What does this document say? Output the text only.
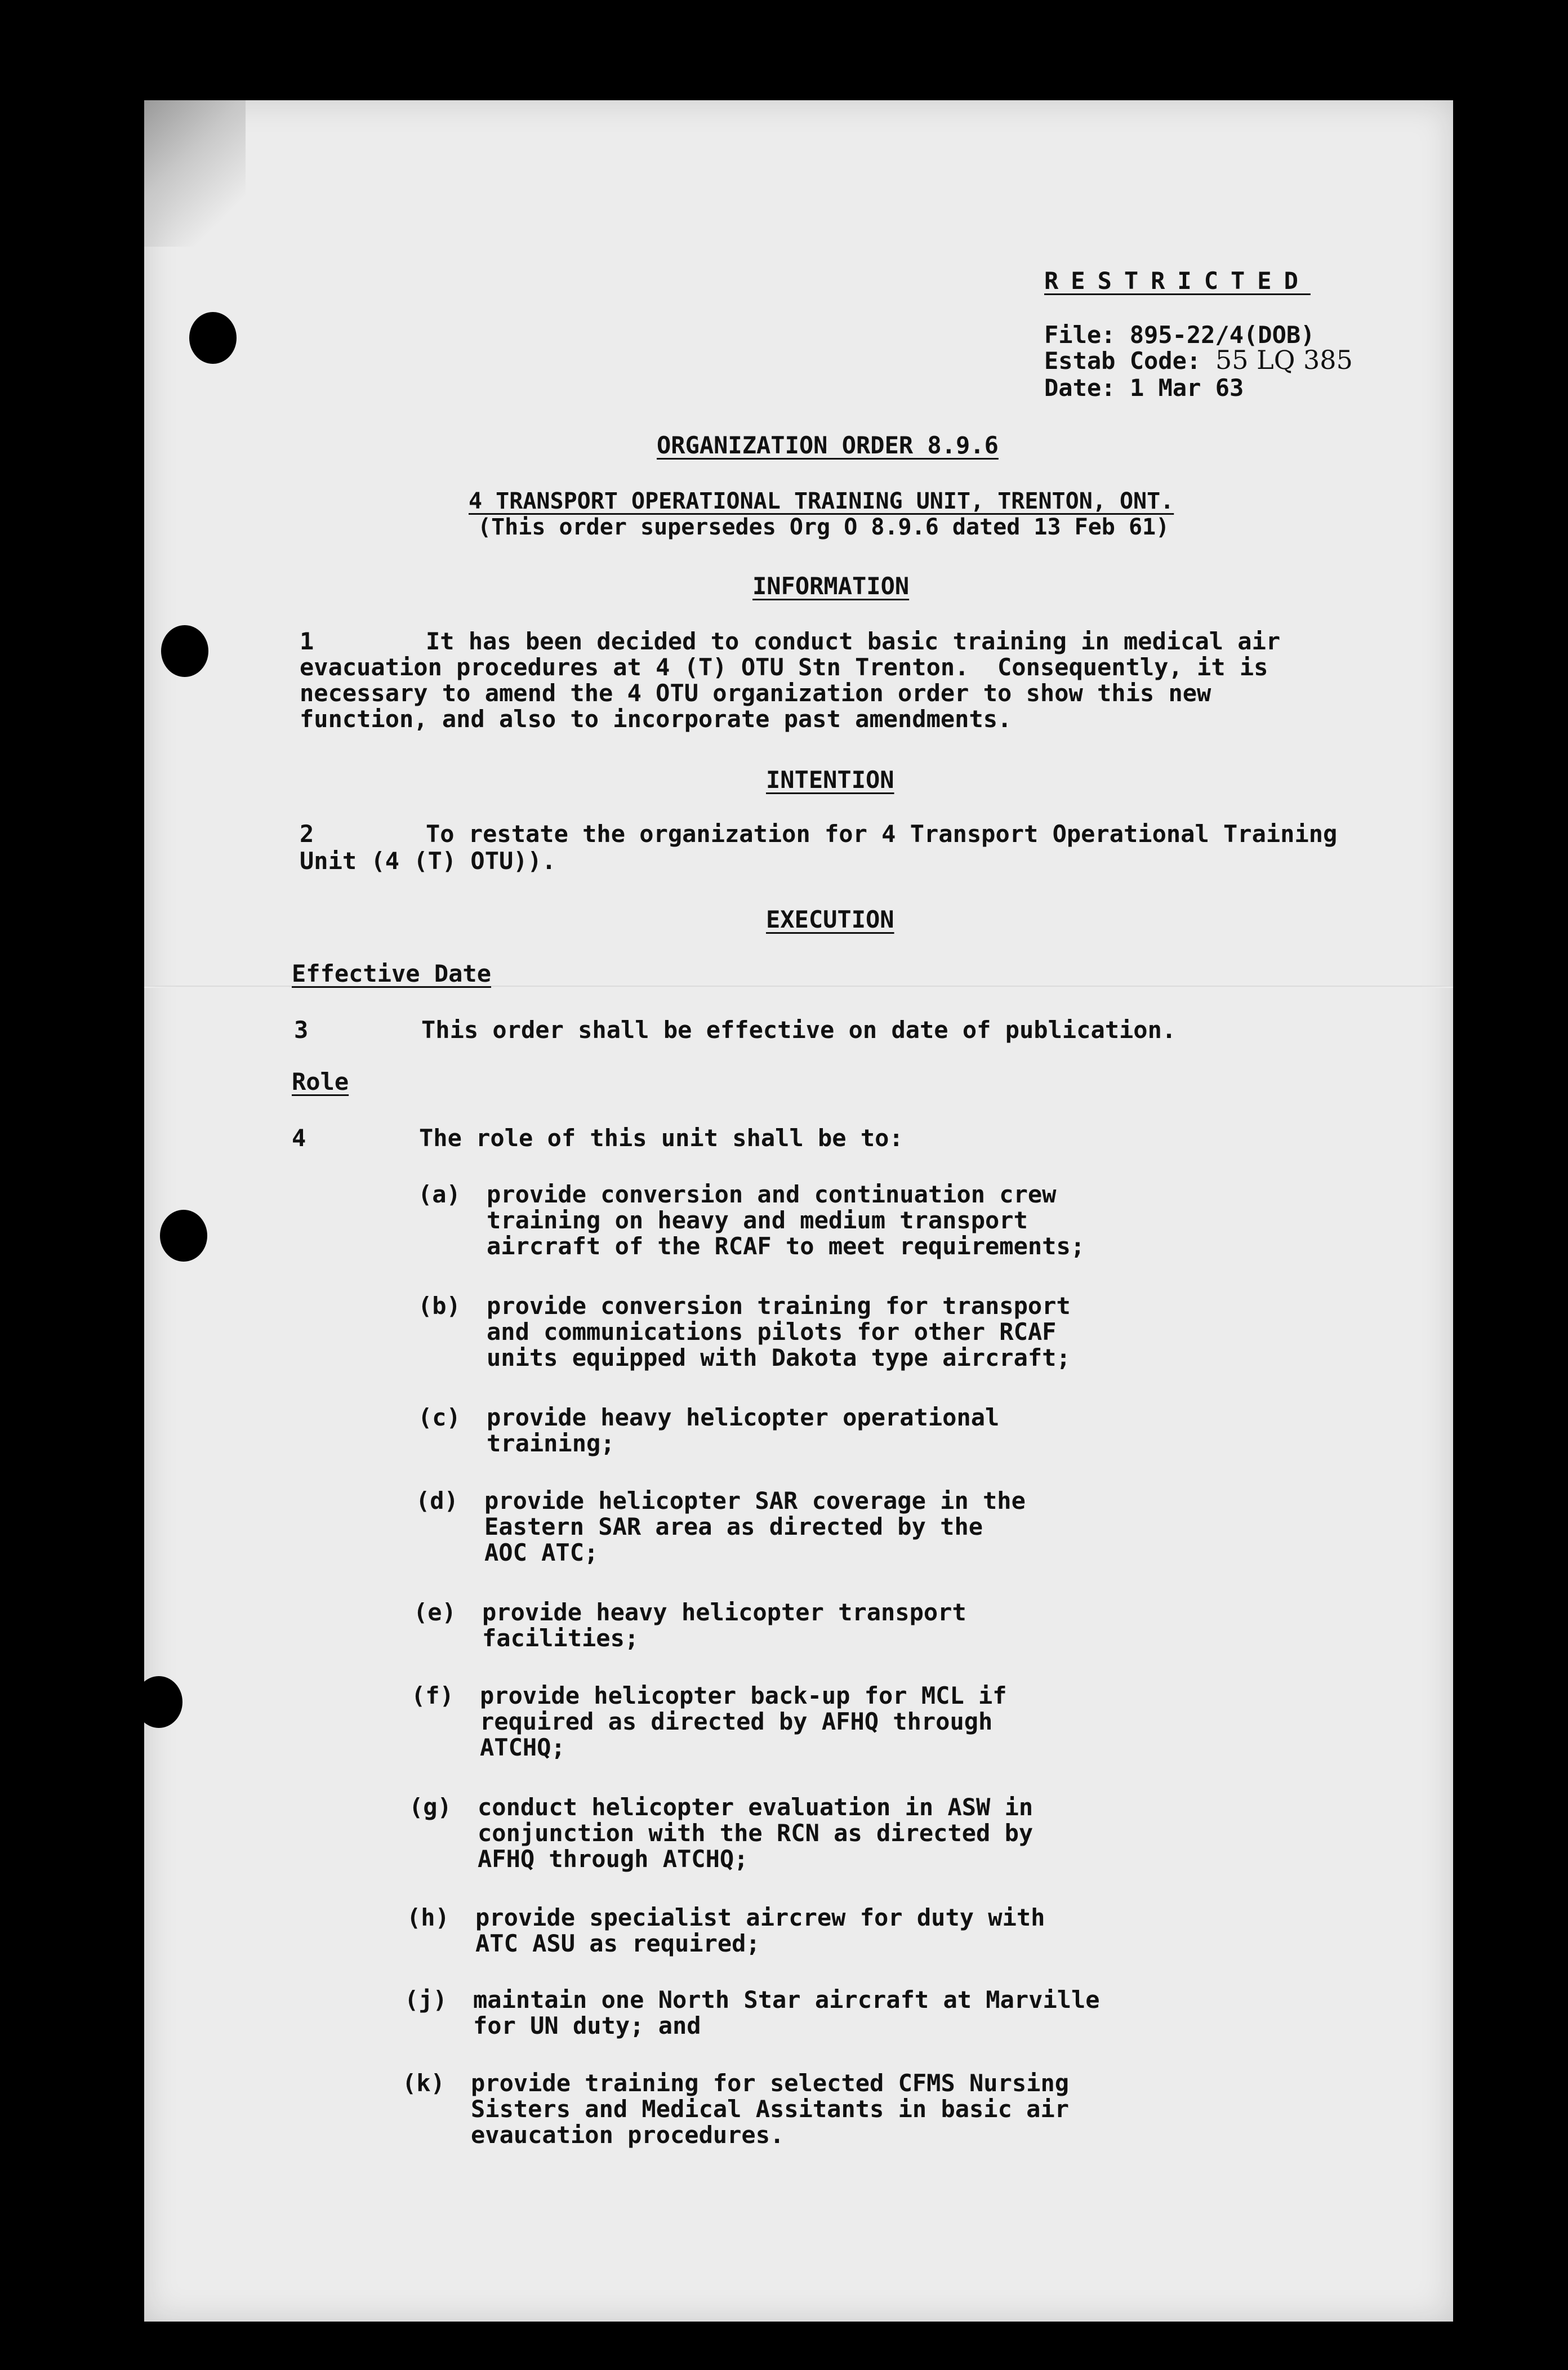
RESTRICTED
File: 895-22/4(DOB)
Estab Code: 55 LQ 385
Date: 1 Mar 63
ORGANIZATION ORDER 8.9.6
4 TRANSPORT OPERATIONAL TRAINING UNIT, TRENTON, ONT.
(This order supersedes Org O 8.9.6 dated 13 Feb 61)
INFORMATION
1	It has been decided to conduct basic training in medical air
evacuation procedures at 4 (T) OTU Stn Trenton.  Consequently, it is
necessary to amend the 4 OTU organization order to show this new
function, and also to incorporate past amendments.
INTENTION
2	To restate the organization for 4 Transport Operational Training
Unit (4 (T) OTU)).
EXECUTION
Effective Date
3	This order shall be effective on date of publication.
Role
4	The role of this unit shall be to:
(a) provide conversion and continuation crew
training on heavy and medium transport
aircraft of the RCAF to meet requirements;
(b) provide conversion training for transport
and communications pilots for other RCAF
units equipped with Dakota type aircraft;
(c) provide heavy helicopter operational
training;
(d) provide helicopter SAR coverage in the
Eastern SAR area as directed by the
AOC ATC;
(e) provide heavy helicopter transport
facilities;
(f) provide helicopter back-up for MCL if
required as directed by AFHQ through
ATCHQ;
(g) conduct helicopter evaluation in ASW in
conjunction with the RCN as directed by
AFHQ through ATCHQ;
(h) provide specialist aircrew for duty with
ATC ASU as required;
(j) maintain one North Star aircraft at Marville
for UN duty; and
(k) provide training for selected CFMS Nursing
Sisters and Medical Assitants in basic air
evaucation procedures.
